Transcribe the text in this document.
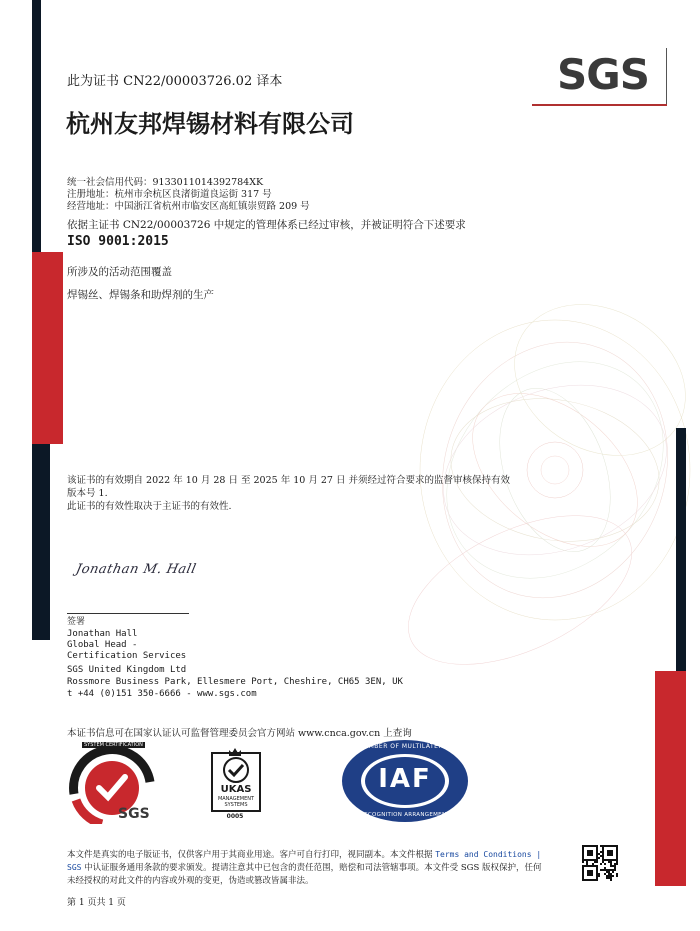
此为证书 CN22/00003726.02 译本
杭州友邦焊锡材料有限公司
SGS
统一社会信用代码：9133011014392784XK
注册地址：杭州市余杭区良渚街道良运街 317 号
经营地址：中国浙江省杭州市临安区高虹镇崇贸路 209 号
依据主证书 CN22/00003726 中规定的管理体系已经过审核，并被证明符合下述要求
ISO 9001:2015
所涉及的活动范围覆盖
焊锡丝、焊锡条和助焊剂的生产
该证书的有效期自 2022 年 10 月 28 日 至 2025 年 10 月 27 日 并须经过符合要求的监督审核保持有效
版本号 1.
此证书的有效性取决于主证书的有效性.
Jonathan M. Hall
签署
Jonathan Hall
Global Head -
Certification Services
SGS United Kingdom Ltd
Rossmore Business Park, Ellesmere Port, Cheshire, CH65 3EN, UK
t +44 (0)151 350-6666 - www.sgs.com
本证书信息可在国家认证认可监督管理委员会官方网站 www.cnca.gov.cn 上查询
SYSTEM CERTIFICATION
ISO 9001	SGS
UKAS
MANAGEMENT
SYSTEMS
0005
MEMBER OF MULTILATERAL
IAF
RECOGNITION ARRANGEMENT
本文件是真实的电子版证书，仅供客户用于其商业用途。客户可自行打印，视同副本。本文件根据 Terms and Conditions |
SGS 中认证服务通用条款的要求颁发。提请注意其中已包含的责任范围，赔偿和司法管辖事项。本文件受 SGS 版权保护，任何
未经授权的对此文件的内容或外观的变更，伪造或篡改皆属非法。
第 1 页共 1 页
